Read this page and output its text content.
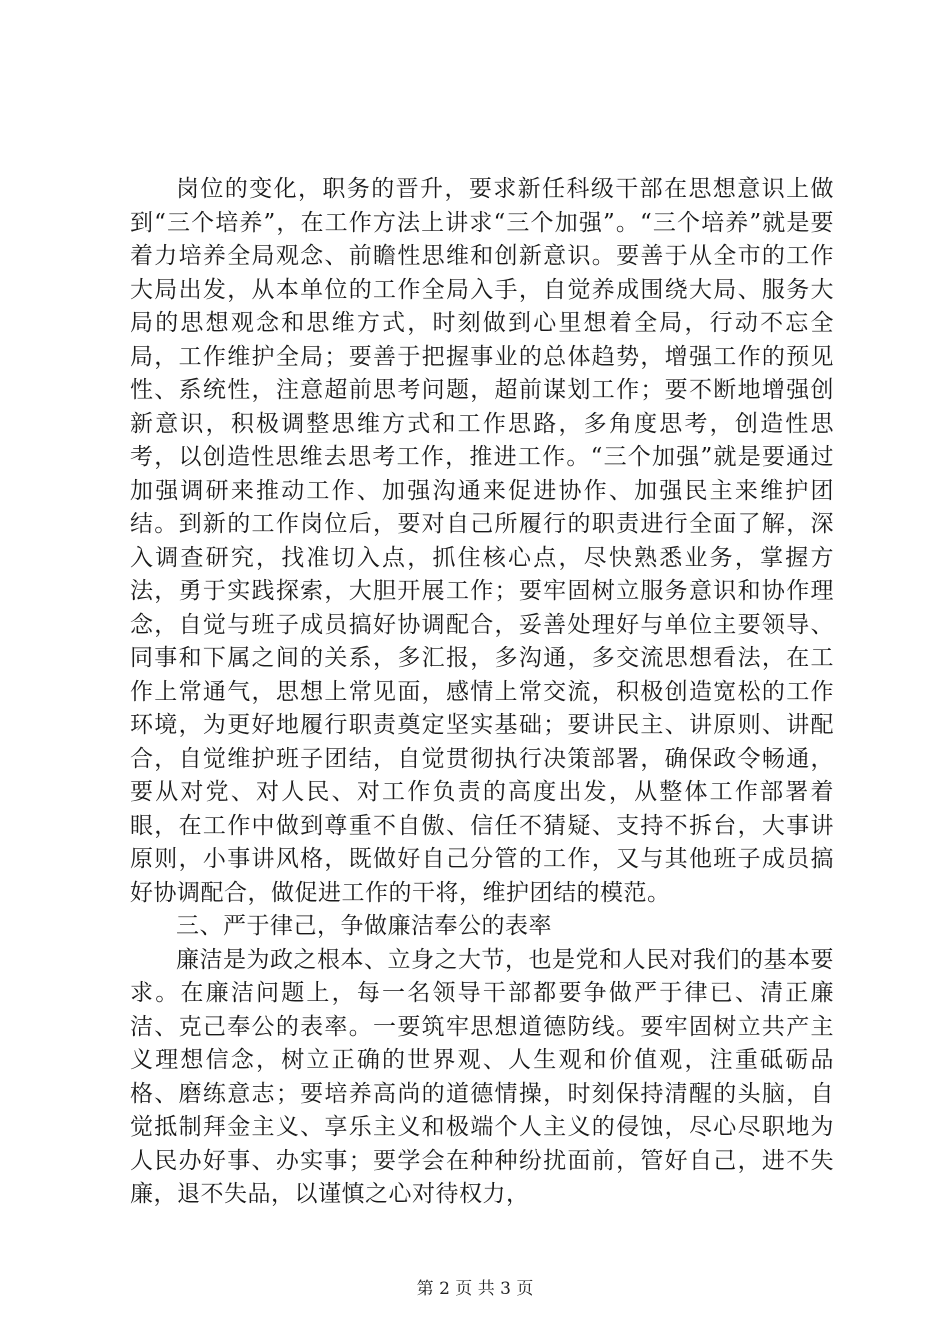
岗位的变化，职务的晋升，要求新任科级干部在思想意识上做到“三个培养”，在工作方法上讲求“三个加强”。“三个培养”就是要着力培养全局观念、前瞻性思维和创新意识。要善于从全市的工作大局出发，从本单位的工作全局入手，自觉养成围绕大局、服务大局的思想观念和思维方式，时刻做到心里想着全局，行动不忘全局，工作维护全局；要善于把握事业的总体趋势，增强工作的预见性、系统性，注意超前思考问题，超前谋划工作；要不断地增强创新意识，积极调整思维方式和工作思路，多角度思考，创造性思考，以创造性思维去思考工作，推进工作。“三个加强”就是要通过加强调研来推动工作、加强沟通来促进协作、加强民主来维护团结。到新的工作岗位后，要对自己所履行的职责进行全面了解，深入调查研究，找准切入点，抓住核心点，尽快熟悉业务，掌握方法，勇于实践探索，大胆开展工作；要牢固树立服务意识和协作理念，自觉与班子成员搞好协调配合，妥善处理好与单位主要领导、同事和下属之间的关系，多汇报，多沟通，多交流思想看法，在工作上常通气，思想上常见面，感情上常交流，积极创造宽松的工作环境，为更好地履行职责奠定坚实基础；要讲民主、讲原则、讲配合，自觉维护班子团结，自觉贯彻执行决策部署，确保政令畅通，要从对党、对人民、对工作负责的高度出发，从整体工作部署着眼，在工作中做到尊重不自傲、信任不猜疑、支持不拆台，大事讲原则，小事讲风格，既做好自己分管的工作，又与其他班子成员搞好协调配合，做促进工作的干将，维护团结的模范。

三、严于律己，争做廉洁奉公的表率

廉洁是为政之根本、立身之大节，也是党和人民对我们的基本要求。在廉洁问题上，每一名领导干部都要争做严于律已、清正廉洁、克己奉公的表率。一要筑牢思想道德防线。要牢固树立共产主义理想信念，树立正确的世界观、人生观和价值观，注重砥砺品格、磨练意志；要培养高尚的道德情操，时刻保持清醒的头脑，自觉抵制拜金主义、享乐主义和极端个人主义的侵蚀，尽心尽职地为人民办好事、办实事；要学会在种种纷扰面前，管好自己，进不失廉，退不失品，以谨慎之心对待权力，

第 2 页 共 3 页
